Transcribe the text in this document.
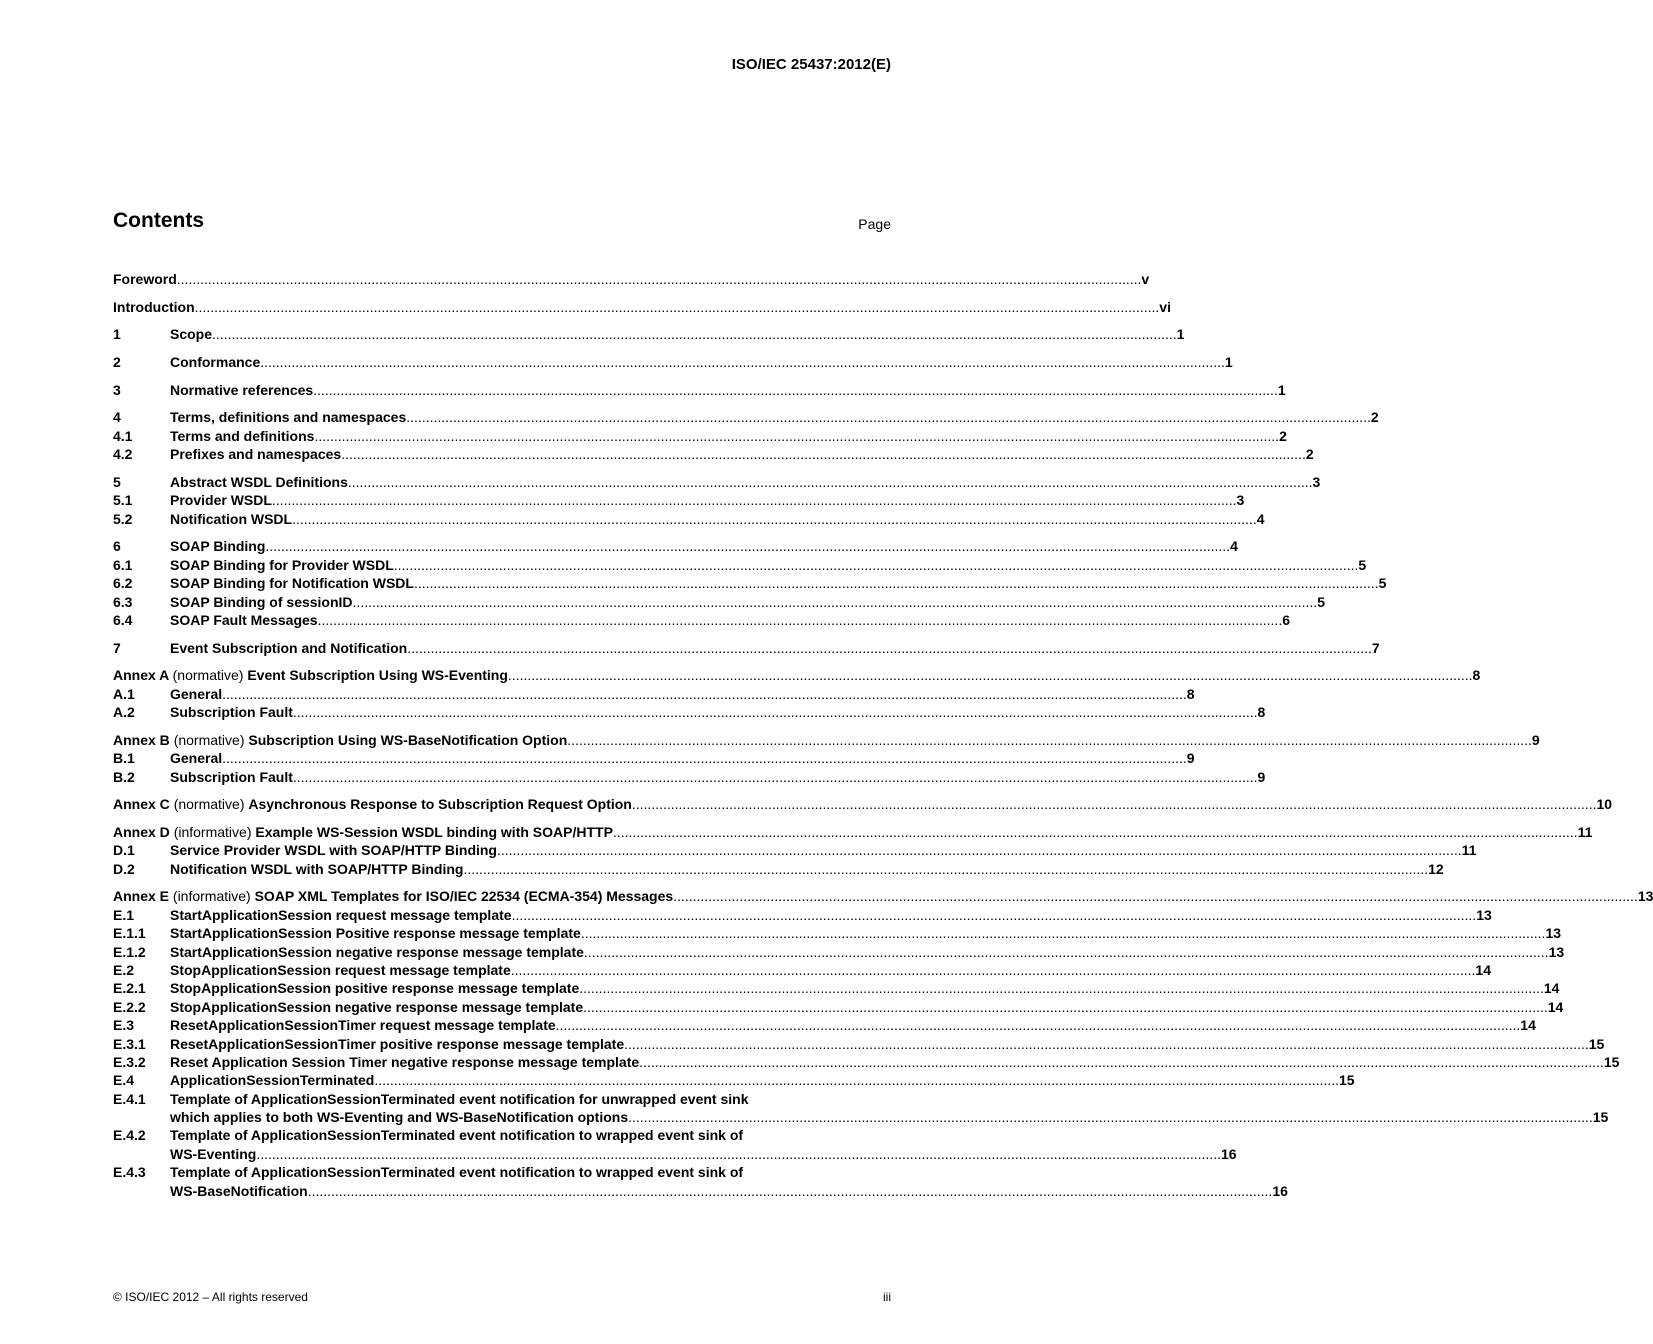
ISO/IEC 25437:2012(E)
Contents	Page
Foreword .....	v
Introduction .....	vi
1	Scope .....	1
2	Conformance .....	1
3	Normative references .....	1
4	Terms, definitions and namespaces .....	2
4.1	Terms and definitions .....	2
4.2	Prefixes and namespaces .....	2
5	Abstract WSDL Definitions .....	3
5.1	Provider WSDL .....	3
5.2	Notification WSDL .....	4
6	SOAP Binding .....	4
6.1	SOAP Binding for Provider WSDL .....	5
6.2	SOAP Binding for Notification WSDL .....	5
6.3	SOAP Binding of sessionID .....	5
6.4	SOAP Fault Messages .....	6
7	Event Subscription and Notification .....	7
Annex A (normative) Event Subscription Using WS-Eventing .....	8
A.1	General .....	8
A.2	Subscription Fault .....	8
Annex B (normative) Subscription Using WS-BaseNotification Option .....	9
B.1	General .....	9
B.2	Subscription Fault .....	9
Annex C (normative) Asynchronous Response to Subscription Request Option .....	10
Annex D (informative) Example WS-Session WSDL binding with SOAP/HTTP .....	11
D.1	Service Provider WSDL with SOAP/HTTP Binding .....	11
D.2	Notification WSDL with SOAP/HTTP Binding .....	12
Annex E (informative) SOAP XML Templates for ISO/IEC 22534 (ECMA-354) Messages .....	13
E.1	StartApplicationSession request message template .....	13
E.1.1	StartApplicationSession Positive response message template .....	13
E.1.2	StartApplicationSession negative response message template .....	13
E.2	StopApplicationSession request message template .....	14
E.2.1	StopApplicationSession positive response message template .....	14
E.2.2	StopApplicationSession negative response message template .....	14
E.3	ResetApplicationSessionTimer request message template .....	14
E.3.1	ResetApplicationSessionTimer positive response message template .....	15
E.3.2	Reset Application Session Timer negative response message template .....	15
E.4	ApplicationSessionTerminated .....	15
E.4.1	Template of ApplicationSessionTerminated event notification for unwrapped event sink
which applies to both WS-Eventing and WS-BaseNotification options .....	15
E.4.2	Template of ApplicationSessionTerminated event notification to wrapped event sink of
WS-Eventing .....	16
E.4.3	Template of ApplicationSessionTerminated event notification to wrapped event sink of
WS-BaseNotification .....	16
© ISO/IEC 2012 – All rights reserved	iii
